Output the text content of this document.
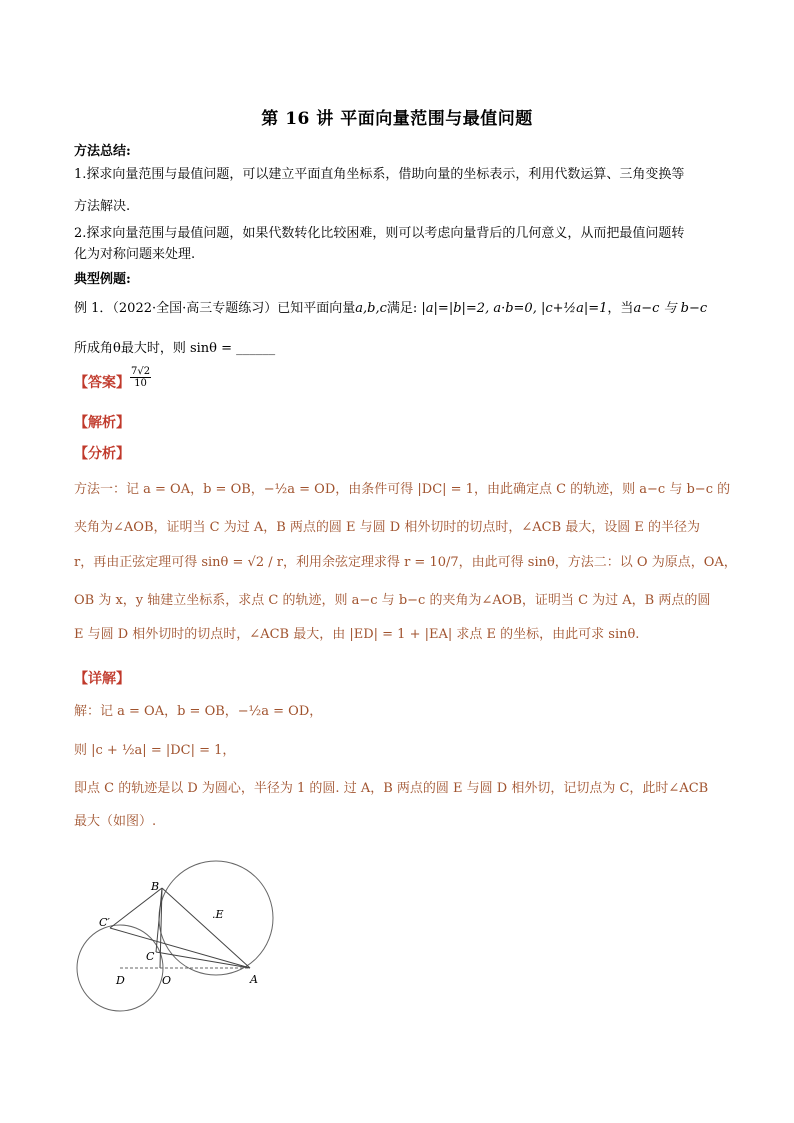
第 16 讲 平面向量范围与最值问题
方法总结:
1.探求向量范围与最值问题，可以建立平面直角坐标系，借助向量的坐标表示，利用代数运算、三角变换等
方法解决.
2.探求向量范围与最值问题，如果代数转化比较困难，则可以考虑向量背后的几何意义，从而把最值问题转
化为对称问题来处理.
典型例题:
例 1．（2022·全国·高三专题练习）已知平面向量a,b,c满足: |a|=|b|=2, a·b=0, |c+½a|=1，当a−c 与 b−c
所成角θ最大时，则 sinθ = ______
【答案】 $\frac{7√2}{10}$
【解析】
【分析】
方法一：记 a = OA，b = OB，−½a = OD，由条件可得 |DC| = 1，由此确定点 C 的轨迹，则 a−c 与 b−c 的
夹角为∠AOB，证明当 C 为过 A，B 两点的圆 E 与圆 D 相外切时的切点时，∠ACB 最大，设圆 E 的半径为
r，再由正弦定理可得 sinθ = √2 / r，利用余弦定理求得 r = 10/7，由此可得 sinθ，方法二：以 O 为原点，OA，
OB 为 x，y 轴建立坐标系，求点 C 的轨迹，则 a−c 与 b−c 的夹角为∠AOB，证明当 C 为过 A，B 两点的圆
E 与圆 D 相外切时的切点时，∠ACB 最大，由 |ED| = 1 + |EA| 求点 E 的坐标，由此可求 sinθ.
【详解】
解：记 a = OA，b = OB，−½a = OD，
则 |c + ½a| = |DC| = 1，
即点 C 的轨迹是以 D 为圆心，半径为 1 的圆. 过 A，B 两点的圆 E 与圆 D 相外切，记切点为 C，此时∠ACB
最大（如图）.
B
C′
C
D	O	A
.E
